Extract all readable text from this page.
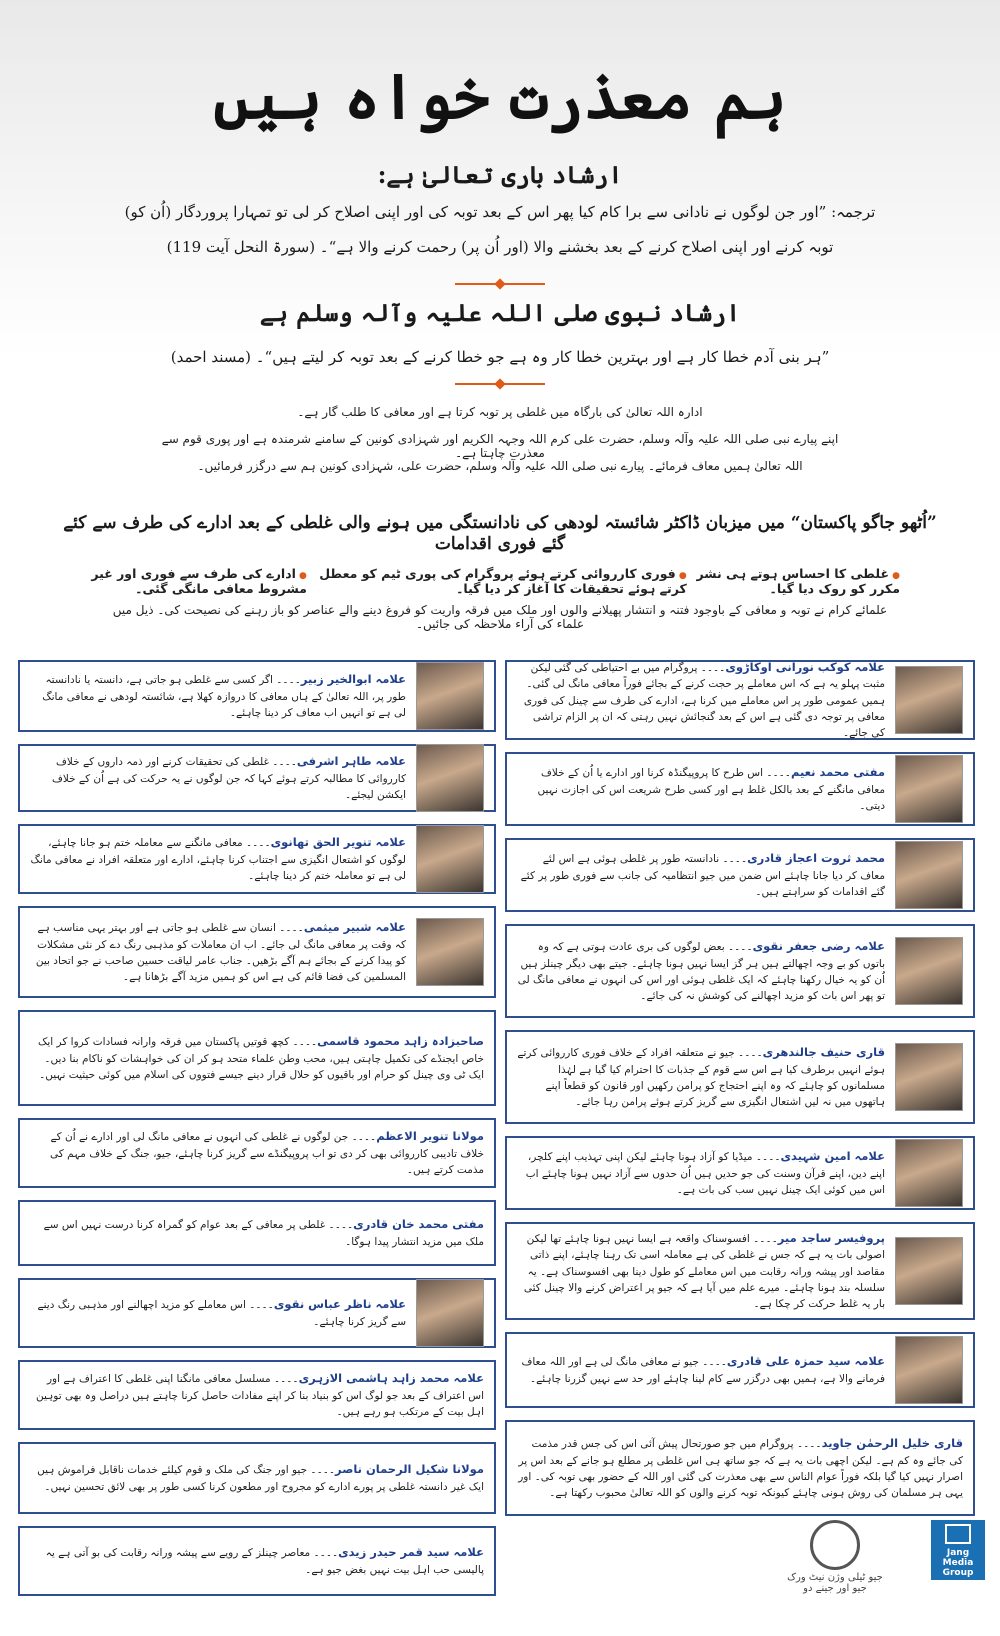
ہم معذرت خواہ ہیں
ارشاد باری تعالیٰ ہے:
ترجمہ: ”اور جن لوگوں نے نادانی سے برا کام کیا پھر اس کے بعد توبہ کی اور اپنی اصلاح کر لی تو تمہارا پروردگار (اُن کو)
توبہ کرنے اور اپنی اصلاح کرنے کے بعد بخشنے والا (اور اُن پر) رحمت کرنے والا ہے“۔ (سورۃ النحل آیت 119)
ارشاد نبوی صلی اللہ علیہ وآلہ وسلم ہے
”ہر بنی آدم خطا کار ہے اور بہترین خطا کار وہ ہے جو خطا کرنے کے بعد توبہ کر لیتے ہیں“۔ (مسند احمد)
ادارہ اللہ تعالیٰ کی بارگاہ میں غلطی پر توبہ کرتا ہے اور معافی کا طلب گار ہے۔
اپنے پیارے نبی صلی اللہ علیہ وآلہ وسلم، حضرت علی کرم اللہ وجہہ الکریم اور شہزادی کونین کے سامنے شرمندہ ہے اور پوری قوم سے معذرت چاہتا ہے۔
اللہ تعالیٰ ہمیں معاف فرمائے۔ پیارے نبی صلی اللہ علیہ وآلہ وسلم، حضرت علی، شہزادی کونین ہم سے درگزر فرمائیں۔
”اُٹھو جاگو پاکستان“ میں میزبان ڈاکٹر شائستہ لودھی کی نادانستگی میں ہونے والی غلطی کے بعد ادارے کی طرف سے کئے گئے فوری اقدامات
● غلطی کا احساس ہوتے ہی نشر مکرر کو روک دیا گیا۔
● فوری کارروائی کرتے ہوئے پروگرام کی پوری ٹیم کو معطل کرتے ہوئے تحقیقات کا آغاز کر دیا گیا۔
● ادارے کی طرف سے فوری اور غیر مشروط معافی مانگی گئی۔
علمائے کرام نے توبہ و معافی کے باوجود فتنہ و انتشار پھیلانے والوں اور ملک میں فرقہ واریت کو فروغ دینے والے عناصر کو باز رہنے کی نصیحت کی۔ ذیل میں علماء کی آراء ملاحظہ کی جائیں۔
علامہ کوکب نورانی اوکاڑوی۔۔۔۔ پروگرام میں بے احتیاطی کی گئی لیکن مثبت پہلو یہ ہے کہ اس معاملے پر حجت کرنے کے بجائے فوراً معافی مانگ لی گئی۔ ہمیں عمومی طور پر اس معاملے میں کرنا ہے، ادارے کی طرف سے چینل کی فوری معافی پر توجہ دی گئی ہے اس کے بعد گنجائش نہیں رہتی کہ ان پر الزام تراشی کی جائے۔
مفتی محمد نعیم۔۔۔۔ اس طرح کا پروپیگنڈہ کرنا اور ادارے یا اُن کے خلاف معافی مانگنے کے بعد بالکل غلط ہے اور کسی طرح شریعت اس کی اجازت نہیں دیتی۔
محمد ثروت اعجاز قادری۔۔۔۔ نادانستہ طور پر غلطی ہوئی ہے اس لئے معاف کر دیا جانا چاہئے اس ضمن میں جیو انتظامیہ کی جانب سے فوری طور پر کئے گئے اقدامات کو سراہتے ہیں۔
علامہ رضی جعفر نقوی۔۔۔۔ بعض لوگوں کی بری عادت ہوتی ہے کہ وہ باتوں کو بے وجہ اچھالتے ہیں ہر گز ایسا نہیں ہونا چاہئے۔ جیتے بھی دیگر چینلز ہیں اُن کو یہ خیال رکھنا چاہئے کہ ایک غلطی ہوئی اور اس کی انہوں نے معافی مانگ لی تو پھر اس بات کو مزید اچھالنے کی کوشش نہ کی جائے۔
قاری حنیف جالندھری۔۔۔۔ جیو نے متعلقہ افراد کے خلاف فوری کارروائی کرتے ہوئے انہیں برطرف کیا ہے اس سے قوم کے جذبات کا احترام کیا گیا ہے لہٰذا مسلمانوں کو چاہئے کہ وہ اپنے احتجاج کو پرامن رکھیں اور قانون کو قطعاً اپنے ہاتھوں میں نہ لیں اشتعال انگیزی سے گریز کرتے ہوئے پرامن رہا جائے۔
علامہ امین شہیدی۔۔۔۔ میڈیا کو آزاد ہونا چاہئے لیکن اپنی تہذیب اپنے کلچر، اپنے دین، اپنے قرآن وسنت کی جو حدیں ہیں اُن حدوں سے آزاد نہیں ہونا چاہئے اب اس میں کوئی ایک چینل نہیں سب کی بات ہے۔
پروفیسر ساجد میر۔۔۔۔ افسوسناک واقعہ ہے ایسا نہیں ہونا چاہئے تھا لیکن اصولی بات یہ ہے کہ جس نے غلطی کی ہے معاملہ اسی تک رہنا چاہئے، اپنے ذاتی مقاصد اور پیشہ ورانہ رقابت میں اس معاملے کو طول دینا بھی افسوسناک ہے۔ یہ سلسلہ بند ہونا چاہئے۔ میرے علم میں آیا ہے کہ جیو پر اعتراض کرنے والا چینل کئی بار یہ غلط حرکت کر چکا ہے۔
علامہ سید حمزہ علی قادری۔۔۔۔ جیو نے معافی مانگ لی ہے اور اللہ معاف فرمانے والا ہے، ہمیں بھی درگزر سے کام لینا چاہئے اور حد سے نہیں گزرنا چاہئے۔
قاری خلیل الرحمٰن جاوید۔۔۔۔ پروگرام میں جو صورتحال پیش آئی اس کی جس قدر مذمت کی جائے وہ کم ہے۔ لیکن اچھی بات یہ ہے کہ جو ساتھ ہی اس غلطی پر مطلع ہو جانے کے بعد اس پر اصرار نہیں کیا گیا بلکہ فوراً عوام الناس سے بھی معذرت کی گئی اور اللہ کے حضور بھی توبہ کی۔ اور یہی ہر مسلمان کی روش ہونی چاہئے کیونکہ توبہ کرنے والوں کو اللہ تعالیٰ محبوب رکھتا ہے۔
علامہ ابوالخیر زبیر۔۔۔۔ اگر کسی سے غلطی ہو جاتی ہے، دانستہ یا نادانستہ طور پر، اللہ تعالیٰ کے ہاں معافی کا دروازہ کھلا ہے، شائستہ لودھی نے معافی مانگ لی ہے تو انہیں اب معاف کر دینا چاہئے۔
علامہ طاہر اشرفی۔۔۔۔ غلطی کی تحقیقات کرنے اور ذمہ داروں کے خلاف کارروائی کا مطالبہ کرتے ہوئے کہا کہ جن لوگوں نے یہ حرکت کی ہے اُن کے خلاف ایکشن لیجئے۔
علامہ تنویر الحق تھانوی۔۔۔۔ معافی مانگنے سے معاملہ ختم ہو جانا چاہئے، لوگوں کو اشتعال انگیزی سے اجتناب کرنا چاہئے، ادارے اور متعلقہ افراد نے معافی مانگ لی ہے تو معاملہ ختم کر دینا چاہئے۔
علامہ شبیر میثمی۔۔۔۔ انسان سے غلطی ہو جاتی ہے اور بہتر یہی مناسب ہے کہ وقت پر معافی مانگ لی جائے۔ اب ان معاملات کو مذہبی رنگ دے کر نئی مشکلات کو پیدا کرنے کے بجائے ہم آگے بڑھیں۔ جناب عامر لیاقت حسین صاحب نے جو اتحاد بین المسلمین کی فضا قائم کی ہے اس کو ہمیں مزید آگے بڑھانا ہے۔
صاحبزادہ زاہد محمود قاسمی۔۔۔۔ کچھ قوتیں پاکستان میں فرقہ وارانہ فسادات کروا کر ایک خاص ایجنڈے کی تکمیل چاہتی ہیں، محب وطن علماء متحد ہو کر ان کی خواہشات کو ناکام بنا دیں۔ ایک ٹی وی چینل کو حرام اور باقیوں کو حلال قرار دینے جیسے فتووں کی اسلام میں کوئی حیثیت نہیں۔
مولانا تنویر الاعظم۔۔۔۔ جن لوگوں نے غلطی کی انہوں نے معافی مانگ لی اور ادارے نے اُن کے خلاف تادیبی کارروائی بھی کر دی تو اب پروپیگنڈے سے گریز کرنا چاہئے، جیو، جنگ کے خلاف مہم کی مذمت کرتے ہیں۔
مفتی محمد خان قادری۔۔۔۔ غلطی پر معافی کے بعد عوام کو گمراہ کرنا درست نہیں اس سے ملک میں مزید انتشار پیدا ہوگا۔
علامہ ناظر عباس نقوی۔۔۔۔ اس معاملے کو مزید اچھالنے اور مذہبی رنگ دینے سے گریز کرنا چاہئے۔
علامہ محمد زاہد ہاشمی الازہری۔۔۔۔ مسلسل معافی مانگنا اپنی غلطی کا اعتراف ہے اور اس اعتراف کے بعد جو لوگ اس کو بنیاد بنا کر اپنے مفادات حاصل کرنا چاہتے ہیں دراصل وہ بھی توہین اہل بیت کے مرتکب ہو رہے ہیں۔
مولانا شکیل الرحمان ناصر۔۔۔۔ جیو اور جنگ کی ملک و قوم کیلئے خدمات ناقابل فراموش ہیں ایک غیر دانستہ غلطی پر پورے ادارے کو مجروح اور مطعون کرنا کسی طور پر بھی لائق تحسین نہیں۔
علامہ سید قمر حیدر زیدی۔۔۔۔ معاصر چینلز کے رویے سے پیشہ ورانہ رقابت کی بو آتی ہے یہ پالیسی حب اہل بیت نہیں بغض جیو ہے۔
جیو ٹیلی وژن نیٹ ورک
جیو اور جینے دو
Jang
Media
Group
